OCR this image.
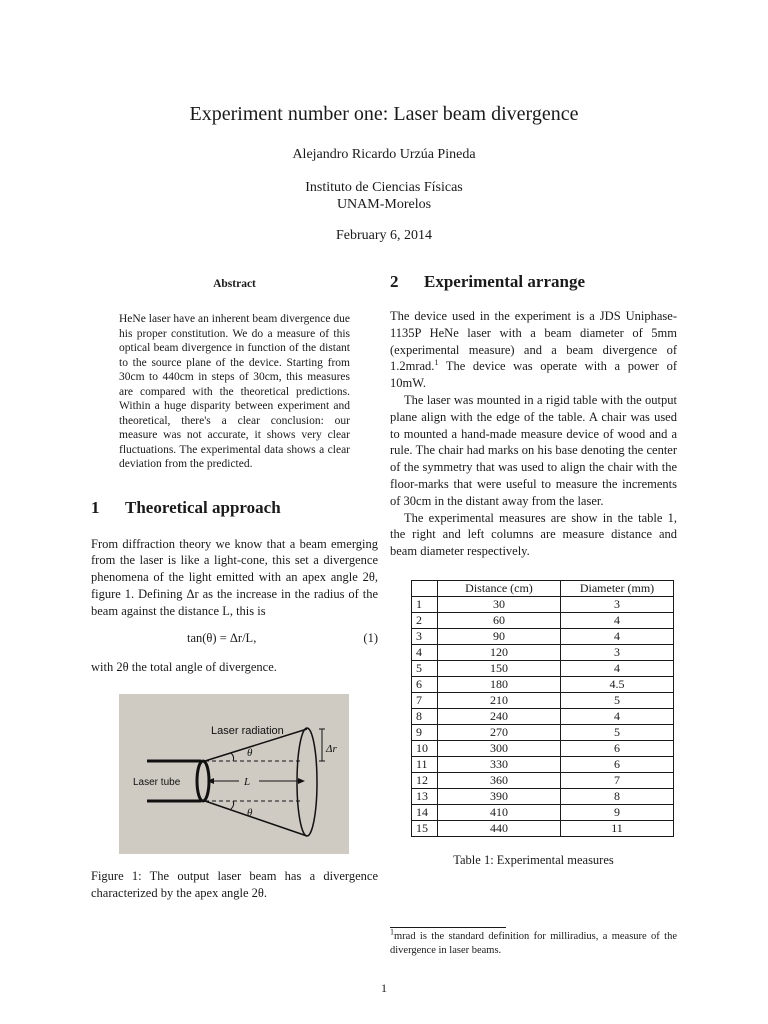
Experiment number one: Laser beam divergence
Alejandro Ricardo Urzúa Pineda
Instituto de Ciencias Físicas
UNAM-Morelos
February 6, 2014
Abstract
HeNe laser have an inherent beam divergence due his proper constitution. We do a measure of this optical beam divergence in function of the distant to the source plane of the device. Starting from 30cm to 440cm in steps of 30cm, this measures are compared with the theoretical predictions. Within a huge disparity between experiment and theoretical, there's a clear conclusion: our measure was not accurate, it shows very clear fluctuations. The experimental data shows a clear deviation from the predicted.
1	Theoretical approach

From diffraction theory we know that a beam emerging from the laser is like a light-cone, this set a divergence phenomena of the light emitted with an apex angle 2θ, figure 1. Defining Δr as the increase in the radius of the beam against the distance L, this is

tan(θ) = Δr/L,	(1)

with 2θ the total angle of divergence.

Laser radiation
Laser tube	L
Δr
θ
θ
Figure 1: The output laser beam has a divergence characterized by the apex angle 2θ.
2	Experimental arrange

The device used in the experiment is a JDS Uniphase-1135P HeNe laser with a beam diameter of 5mm (experimental measure) and a beam divergence of 1.2mrad.$^1$ The device was operate with a power of 10mW.

The laser was mounted in a rigid table with the output plane align with the edge of the table. A chair was used to mounted a hand-made measure device of wood and a rule. The chair had marks on his base denoting the center of the symmetry that was used to align the chair with the floor-marks that were useful to measure the increments of 30cm in the distant away from the laser.

The experimental measures are show in the table 1, the right and left columns are measure distance and beam diameter respectively.

	Distance (cm)	Diameter (mm)
1	30	3
2	60	4
3	90	4
4	120	3
5	150	4
6	180	4.5
7	210	5
8	240	4
9	270	5
10	300	6
11	330	6
12	360	7
13	390	8
14	410	9
15	440	11
Table 1: Experimental measures
$^1$mrad is the standard definition for milliradius, a measure of the divergence in laser beams.
1
